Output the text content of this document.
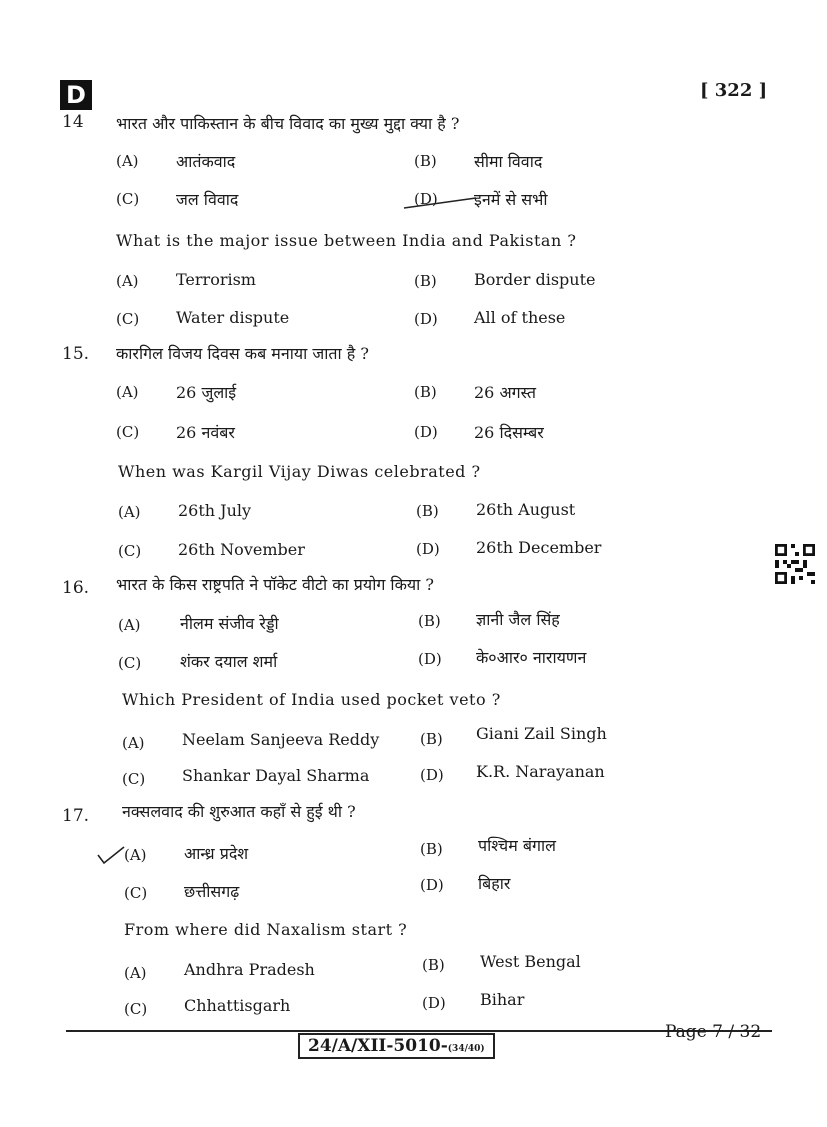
D	[ 322 ]
14 भारत और पाकिस्तान के बीच विवाद का मुख्य मुद्दा क्या है ?
(A) आतंकवाद	(B) सीमा विवाद
(C) जल विवाद	(D) इनमें से सभी
What is the major issue between India and Pakistan ?
(A) Terrorism	(B) Border dispute
(C) Water dispute	(D) All of these
15. कारगिल विजय दिवस कब मनाया जाता है ?
(A) 26 जुलाई	(B) 26 अगस्त
(C) 26 नवंबर	(D) 26 दिसम्बर
When was Kargil Vijay Diwas celebrated ?
(A) 26th July	(B) 26th August
(C) 26th November	(D) 26th December
16. भारत के किस राष्ट्रपति ने पॉकेट वीटो का प्रयोग किया ?
(A) नीलम संजीव रेड्डी	(B) ज्ञानी जैल सिंह
(C) शंकर दयाल शर्मा	(D) के०आर० नारायणन
Which President of India used pocket veto ?
(A) Neelam Sanjeeva Reddy	(B) Giani Zail Singh
(C) Shankar Dayal Sharma	(D) K.R. Narayanan
17. नक्सलवाद की शुरुआत कहाँ से हुई थी ?
(A) आन्ध्र प्रदेश	(B) पश्चिम बंगाल
(C) छत्तीसगढ़	(D) बिहार
From where did Naxalism start ?
(A) Andhra Pradesh	(B) West Bengal
(C) Chhattisgarh	(D) Bihar
24/A/XII-5010-(34/40)
Page 7 / 32
